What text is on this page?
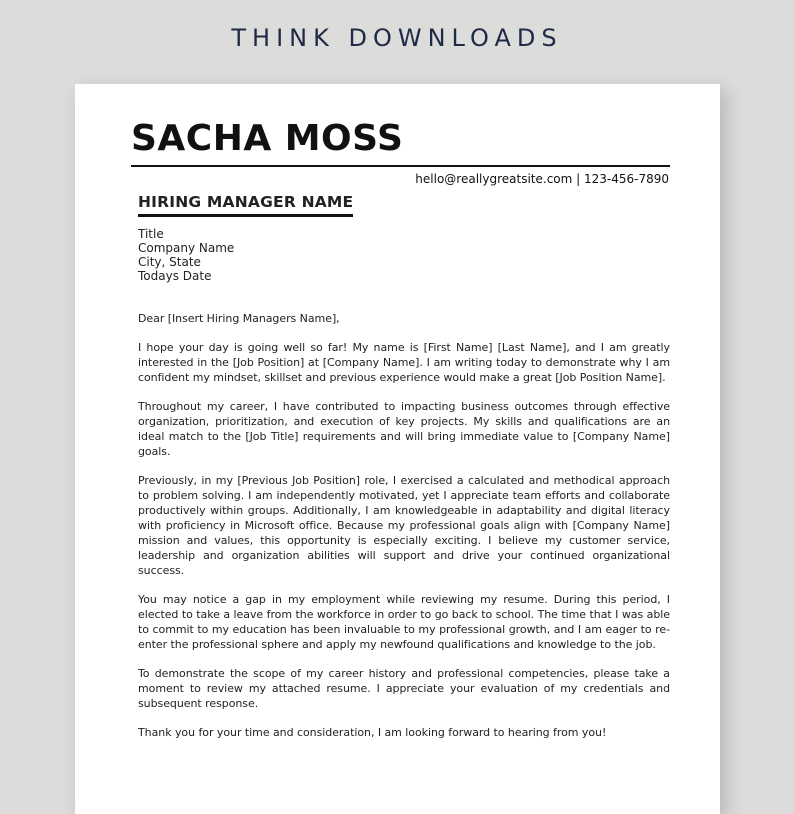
THINK DOWNLOADS
SACHA MOSS
hello@reallygreatsite.com | 123-456-7890
HIRING MANAGER NAME
Title
Company Name
City, State
Todays Date

Dear [Insert Hiring Managers Name],

I hope your day is going well so far! My name is [First Name] [Last Name], and I am greatly interested in the [Job Position] at [Company Name]. I am writing today to demonstrate why I am confident my mindset, skillset and previous experience would make a great [Job Position Name].

Throughout my career, I have contributed to impacting business outcomes through effective organization, prioritization, and execution of key projects. My skills and qualifications are an ideal match to the [Job Title] requirements and will bring immediate value to [Company Name] goals.

Previously, in my [Previous Job Position] role, I exercised a calculated and methodical approach to problem solving. I am independently motivated, yet I appreciate team efforts and collaborate productively within groups. Additionally, I am knowledgeable in adaptability and digital literacy with proficiency in Microsoft office. Because my professional goals align with [Company Name] mission and values, this opportunity is especially exciting. I believe my customer service, leadership and organization abilities will support and drive your continued organizational success.

You may notice a gap in my employment while reviewing my resume. During this period, I elected to take a leave from the workforce in order to go back to school. The time that I was able to commit to my education has been invaluable to my professional growth, and I am eager to re-enter the professional sphere and apply my newfound qualifications and knowledge to the job.

To demonstrate the scope of my career history and professional competencies, please take a moment to review my attached resume. I appreciate your evaluation of my credentials and subsequent response.

Thank you for your time and consideration, I am looking forward to hearing from you!
